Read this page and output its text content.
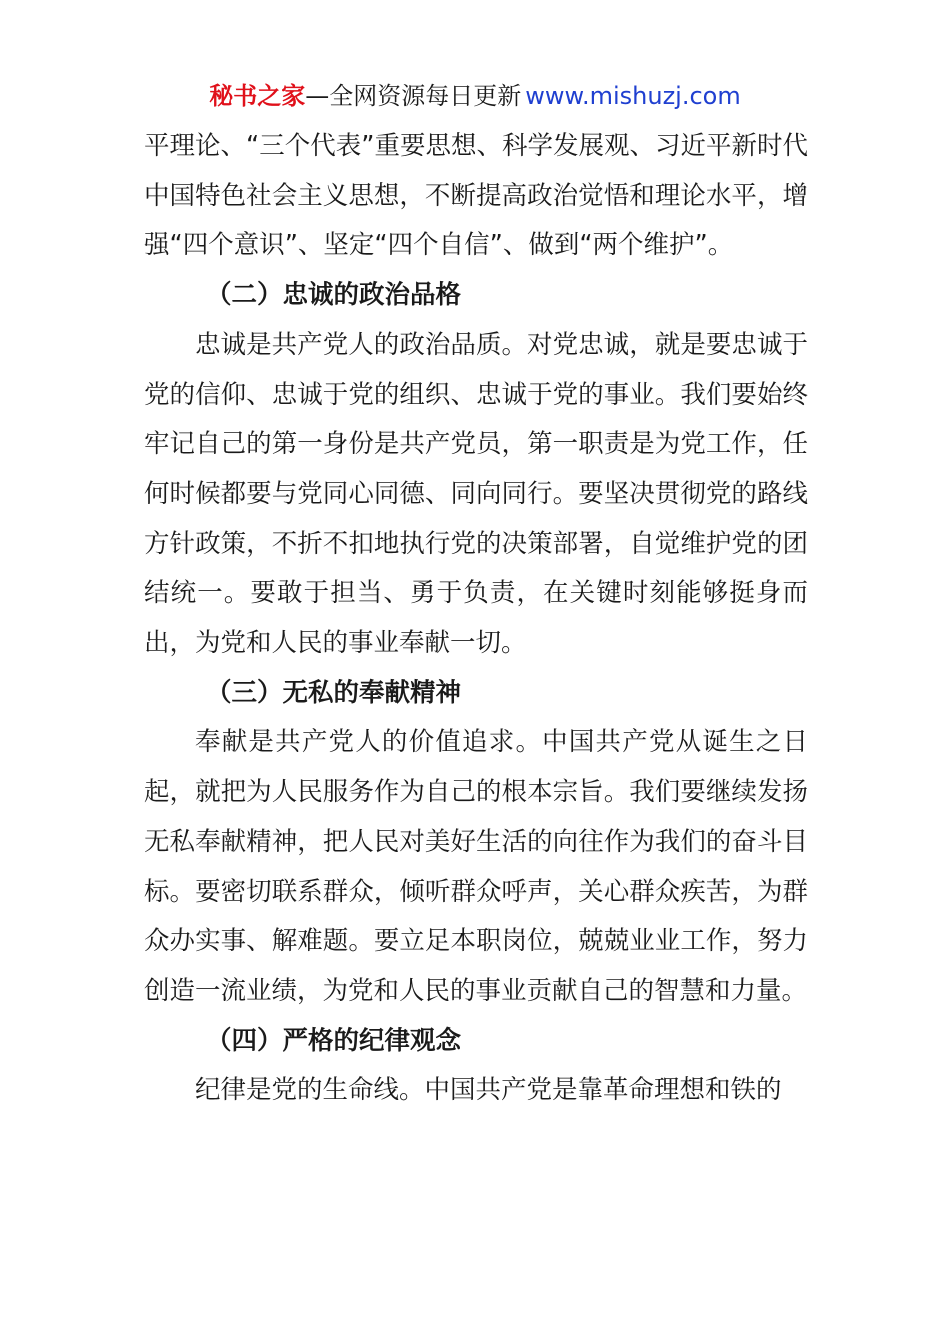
秘书之家—全网资源每日更新 www.mishuzj.com

平理论、“三个代表”重要思想、科学发展观、习近平新时代中国特色社会主义思想，不断提高政治觉悟和理论水平，增强“四个意识”、坚定“四个自信”、做到“两个维护”。

（二）忠诚的政治品格

忠诚是共产党人的政治品质。对党忠诚，就是要忠诚于党的信仰、忠诚于党的组织、忠诚于党的事业。我们要始终牢记自己的第一身份是共产党员，第一职责是为党工作，任何时候都要与党同心同德、同向同行。要坚决贯彻党的路线方针政策，不折不扣地执行党的决策部署，自觉维护党的团结统一。要敢于担当、勇于负责，在关键时刻能够挺身而出，为党和人民的事业奉献一切。

（三）无私的奉献精神

奉献是共产党人的价值追求。中国共产党从诞生之日起，就把为人民服务作为自己的根本宗旨。我们要继续发扬无私奉献精神，把人民对美好生活的向往作为我们的奋斗目标。要密切联系群众，倾听群众呼声，关心群众疾苦，为群众办实事、解难题。要立足本职岗位，兢兢业业工作，努力创造一流业绩，为党和人民的事业贡献自己的智慧和力量。

（四）严格的纪律观念

纪律是党的生命线。中国共产党是靠革命理想和铁的
